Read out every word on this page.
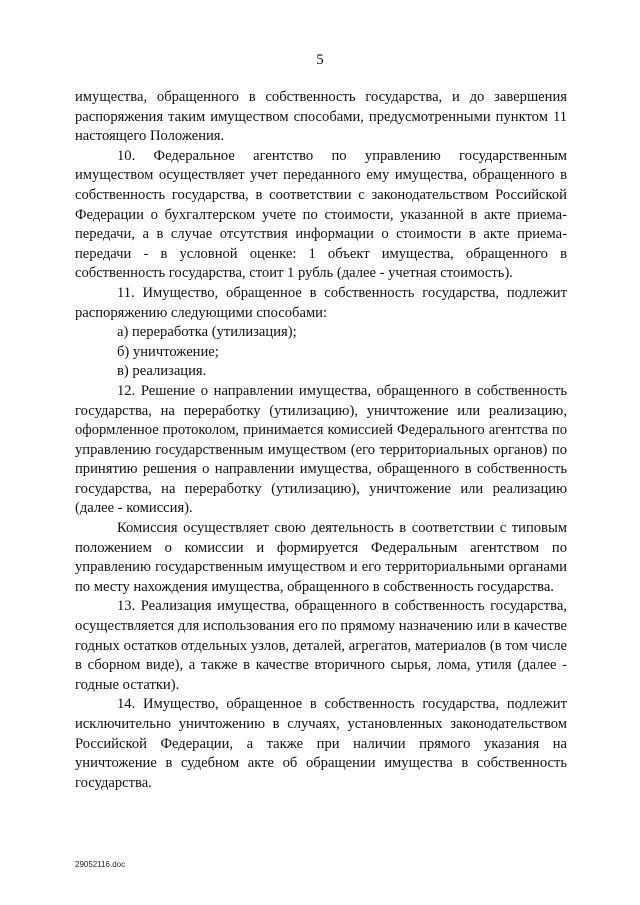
5

имущества, обращенного в собственность государства, и до завершения распоряжения таким имуществом способами, предусмотренными пунктом 11 настоящего Положения.

10. Федеральное агентство по управлению государственным имуществом осуществляет учет переданного ему имущества, обращенного в собственность государства, в соответствии с законодательством Российской Федерации о бухгалтерском учете по стоимости, указанной в акте приема-передачи, а в случае отсутствия информации о стоимости в акте приема-передачи - в условной оценке: 1 объект имущества, обращенного в собственность государства, стоит 1 рубль (далее - учетная стоимость).

11. Имущество, обращенное в собственность государства, подлежит распоряжению следующими способами:

а) переработка (утилизация);

б) уничтожение;

в) реализация.

12. Решение о направлении имущества, обращенного в собственность государства, на переработку (утилизацию), уничтожение или реализацию, оформленное протоколом, принимается комиссией Федерального агентства по управлению государственным имуществом (его территориальных органов) по принятию решения о направлении имущества, обращенного в собственность государства, на переработку (утилизацию), уничтожение или реализацию (далее - комиссия).

Комиссия осуществляет свою деятельность в соответствии с типовым положением о комиссии и формируется Федеральным агентством по управлению государственным имуществом и его территориальными органами по месту нахождения имущества, обращенного в собственность государства.

13. Реализация имущества, обращенного в собственность государства, осуществляется для использования его по прямому назначению или в качестве годных остатков отдельных узлов, деталей, агрегатов, материалов (в том числе в сборном виде), а также в качестве вторичного сырья, лома, утиля (далее - годные остатки).

14. Имущество, обращенное в собственность государства, подлежит исключительно уничтожению в случаях, установленных законодательством Российской Федерации, а также при наличии прямого указания на уничтожение в судебном акте об обращении имущества в собственность государства.

29052116.doc
